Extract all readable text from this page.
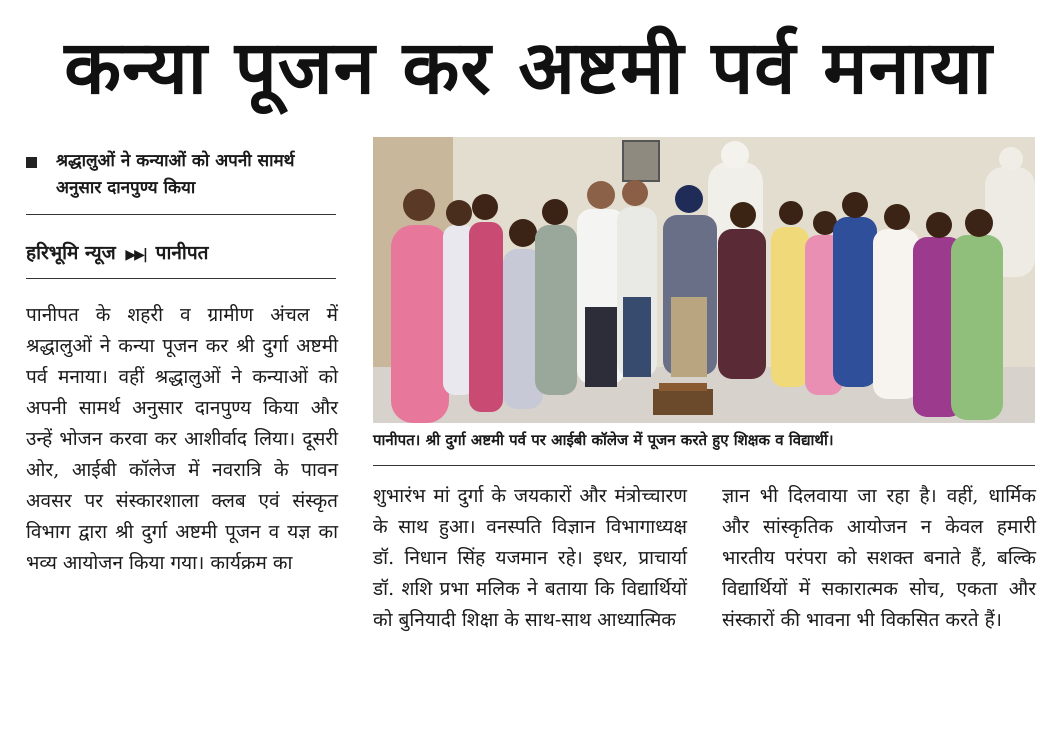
कन्या पूजन कर अष्टमी पर्व मनाया
श्रद्धालुओं ने कन्याओं को अपनी सामर्थ अनुसार दानपुण्य किया
हरिभूमि न्यूज ▶▶| पानीपत
पानीपत के शहरी व ग्रामीण अंचल में श्रद्धालुओं ने कन्या पूजन कर श्री दुर्गा अष्टमी पर्व मनाया। वहीं श्रद्धालुओं ने कन्याओं को अपनी सामर्थ अनुसार दानपुण्य किया और उन्हें भोजन करवा कर आशीर्वाद लिया। दूसरी ओर, आईबी कॉलेज में नवरात्रि के पावन अवसर पर संस्कारशाला क्लब एवं संस्कृत विभाग द्वारा श्री दुर्गा अष्टमी पूजन व यज्ञ का भव्य आयोजन किया गया। कार्यक्रम का
पानीपत। श्री दुर्गा अष्टमी पर्व पर आईबी कॉलेज में पूजन करते हुए शिक्षक व विद्यार्थी।
शुभारंभ मां दुर्गा के जयकारों और मंत्रोच्चारण के साथ हुआ। वनस्पति विज्ञान विभागाध्यक्ष डॉ. निधान सिंह यजमान रहे। इधर, प्राचार्या डॉ. शशि प्रभा मलिक ने बताया कि विद्यार्थियों को बुनियादी शिक्षा के साथ-साथ आध्यात्मिक
ज्ञान भी दिलवाया जा रहा है। वहीं, धार्मिक और सांस्कृतिक आयोजन न केवल हमारी भारतीय परंपरा को सशक्त बनाते हैं, बल्कि विद्यार्थियों में सकारात्मक सोच, एकता और संस्कारों की भावना भी विकसित करते हैं।
